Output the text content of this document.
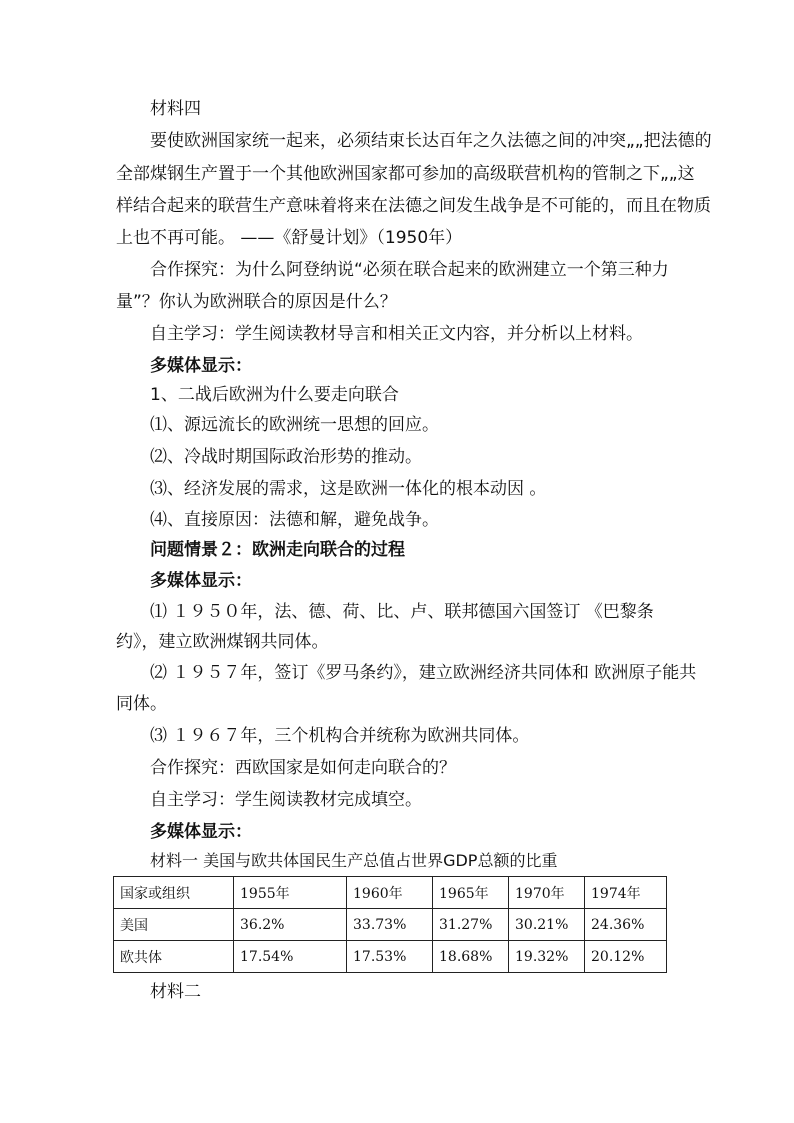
材料四
要使欧洲国家统一起来，必须结束长达百年之久法德之间的冲突„„把法德的
全部煤钢生产置于一个其他欧洲国家都可参加的高级联营机构的管制之下„„这
样结合起来的联营生产意味着将来在法德之间发生战争是不可能的，而且在物质
上也不再可能。 ——《舒曼计划》（1950年）
合作探究：为什么阿登纳说“必须在联合起来的欧洲建立一个第三种力
量”？你认为欧洲联合的原因是什么？
自主学习：学生阅读教材导言和相关正文内容，并分析以上材料。
多媒体显示：
1、二战后欧洲为什么要走向联合
⑴、源远流长的欧洲统一思想的回应。
⑵、冷战时期国际政治形势的推动。
⑶、经济发展的需求，这是欧洲一体化的根本动因 。
⑷、直接原因：法德和解，避免战争。
问题情景２：欧洲走向联合的过程
多媒体显示：
⑴ １９５０年，法、德、荷、比、卢、联邦德国六国签订 《巴黎条
约》，建立欧洲煤钢共同体。
⑵ １９５７年，签订《罗马条约》，建立欧洲经济共同体和 欧洲原子能共
同体。
⑶ １９６７年，三个机构合并统称为欧洲共同体。
合作探究：西欧国家是如何走向联合的？
自主学习：学生阅读教材完成填空。
多媒体显示：
材料一 美国与欧共体国民生产总值占世界GDP总额的比重
国家或组织	1955年	1960年	1965年	1970年	1974年
美国	36.2%	33.73%	31.27%	30.21%	24.36%
欧共体	17.54%	17.53%	18.68%	19.32%	20.12%
材料二
